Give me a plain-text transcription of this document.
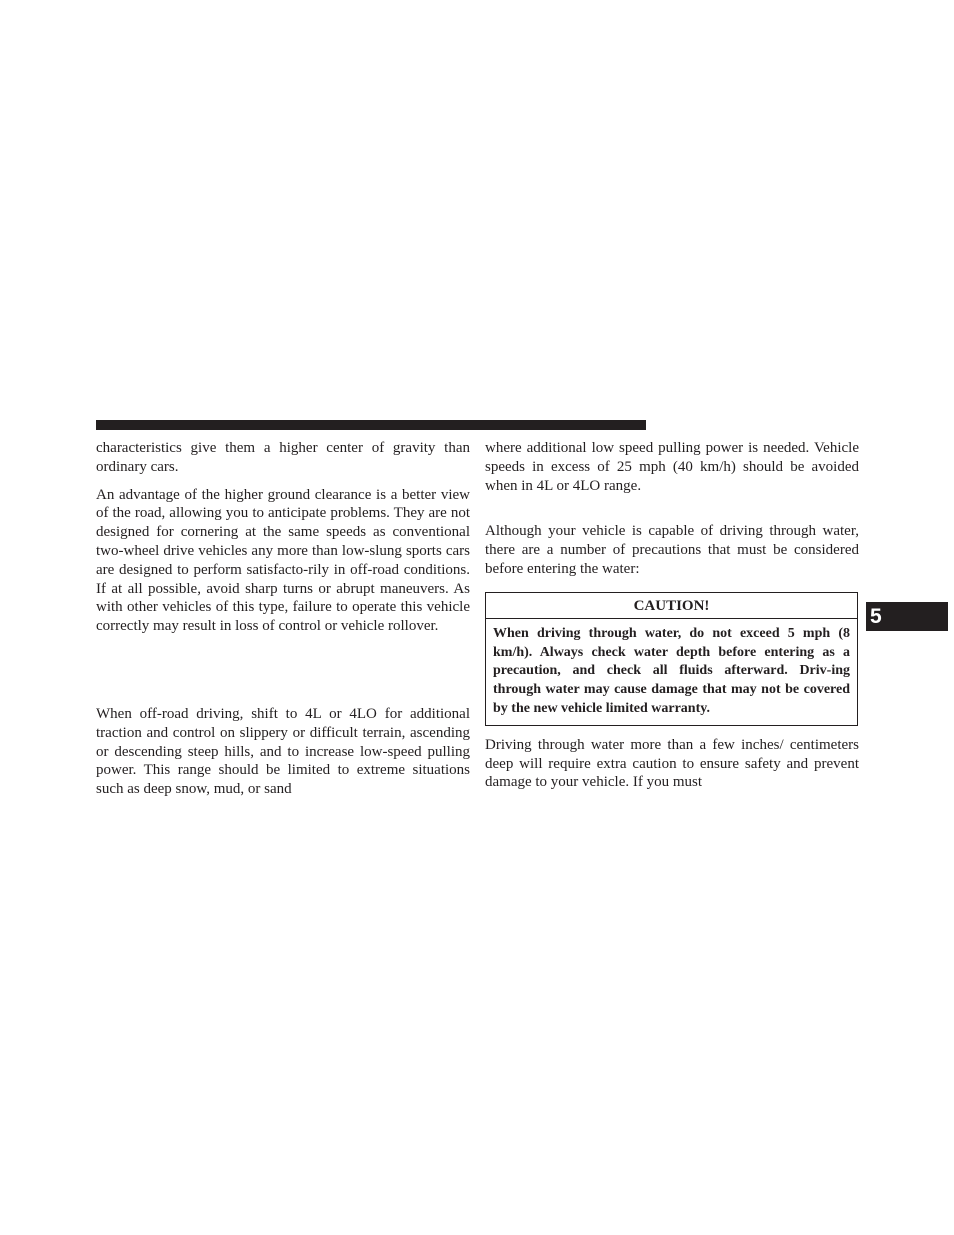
characteristics give them a higher center of gravity than ordinary cars.

An advantage of the higher ground clearance is a better view of the road, allowing you to anticipate problems. They are not designed for cornering at the same speeds as conventional two-wheel drive vehicles any more than low-slung sports cars are designed to perform satisfacto-rily in off-road conditions. If at all possible, avoid sharp turns or abrupt maneuvers. As with other vehicles of this type, failure to operate this vehicle correctly may result in loss of control or vehicle rollover.

When off-road driving, shift to 4L or 4LO for additional traction and control on slippery or difficult terrain, ascending or descending steep hills, and to increase low-speed pulling power. This range should be limited to extreme situations such as deep snow, mud, or sand

where additional low speed pulling power is needed. Vehicle speeds in excess of 25 mph (40 km/h) should be avoided when in 4L or 4LO range.

Although your vehicle is capable of driving through water, there are a number of precautions that must be considered before entering the water:

CAUTION!

When driving through water, do not exceed 5 mph (8 km/h). Always check water depth before entering as a precaution, and check all fluids afterward. Driv-ing through water may cause damage that may not be covered by the new vehicle limited warranty.

Driving through water more than a few inches/ centimeters deep will require extra caution to ensure safety and prevent damage to your vehicle. If you must

5
